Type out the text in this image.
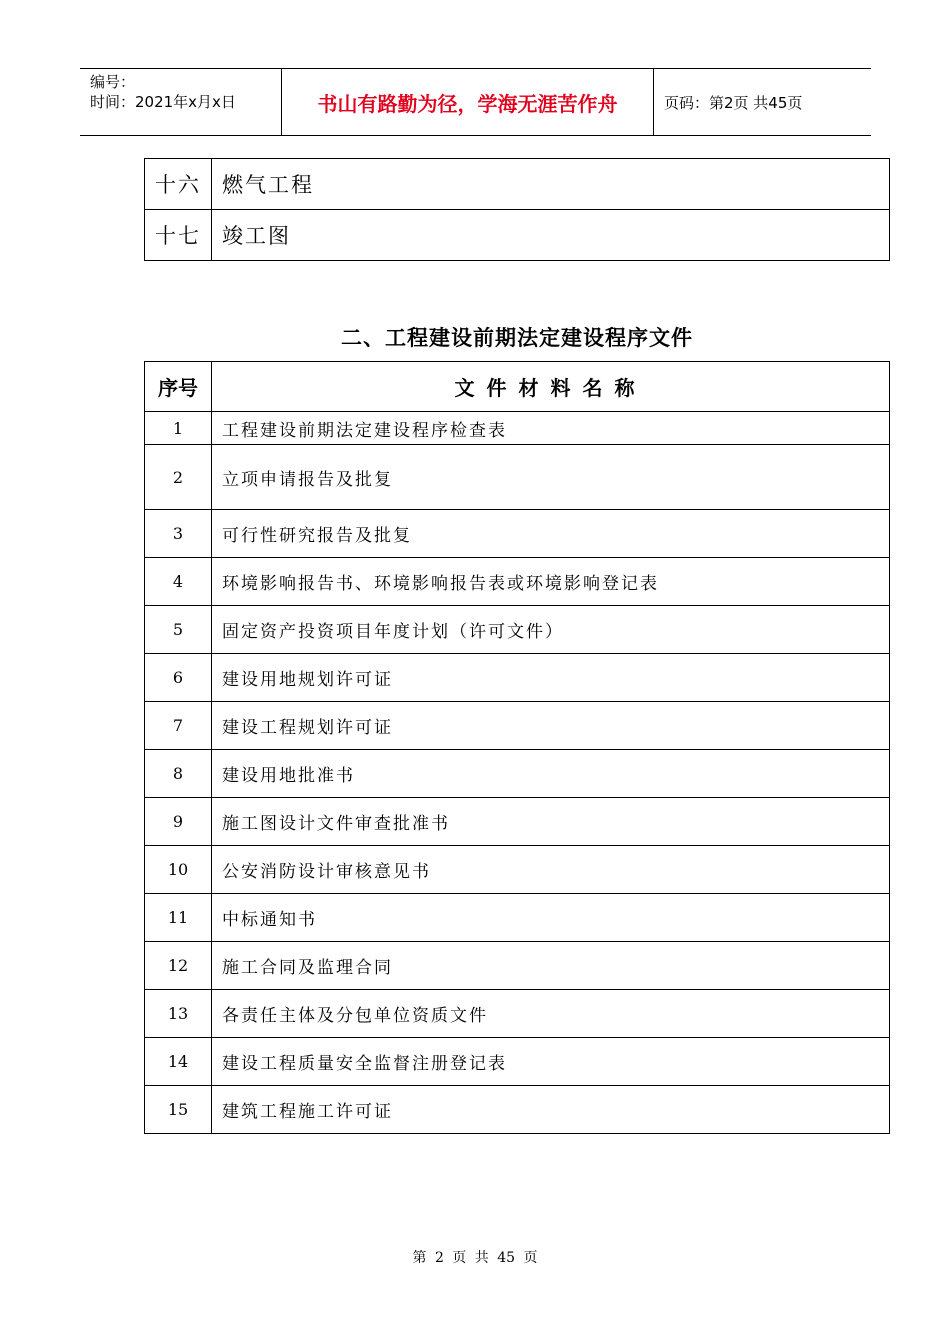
编号：
时间：2021年x月x日	书山有路勤为径，学海无涯苦作舟	页码：第2页 共45页
十六	燃气工程
十七	竣工图
二、工程建设前期法定建设程序文件
序号	文件材料名称
1	工程建设前期法定建设程序检查表
2	立项申请报告及批复
3	可行性研究报告及批复
4	环境影响报告书、环境影响报告表或环境影响登记表
5	固定资产投资项目年度计划（许可文件）
6	建设用地规划许可证
7	建设工程规划许可证
8	建设用地批准书
9	施工图设计文件审查批准书
10	公安消防设计审核意见书
11	中标通知书
12	施工合同及监理合同
13	各责任主体及分包单位资质文件
14	建设工程质量安全监督注册登记表
15	建筑工程施工许可证
第 2 页 共 45 页
